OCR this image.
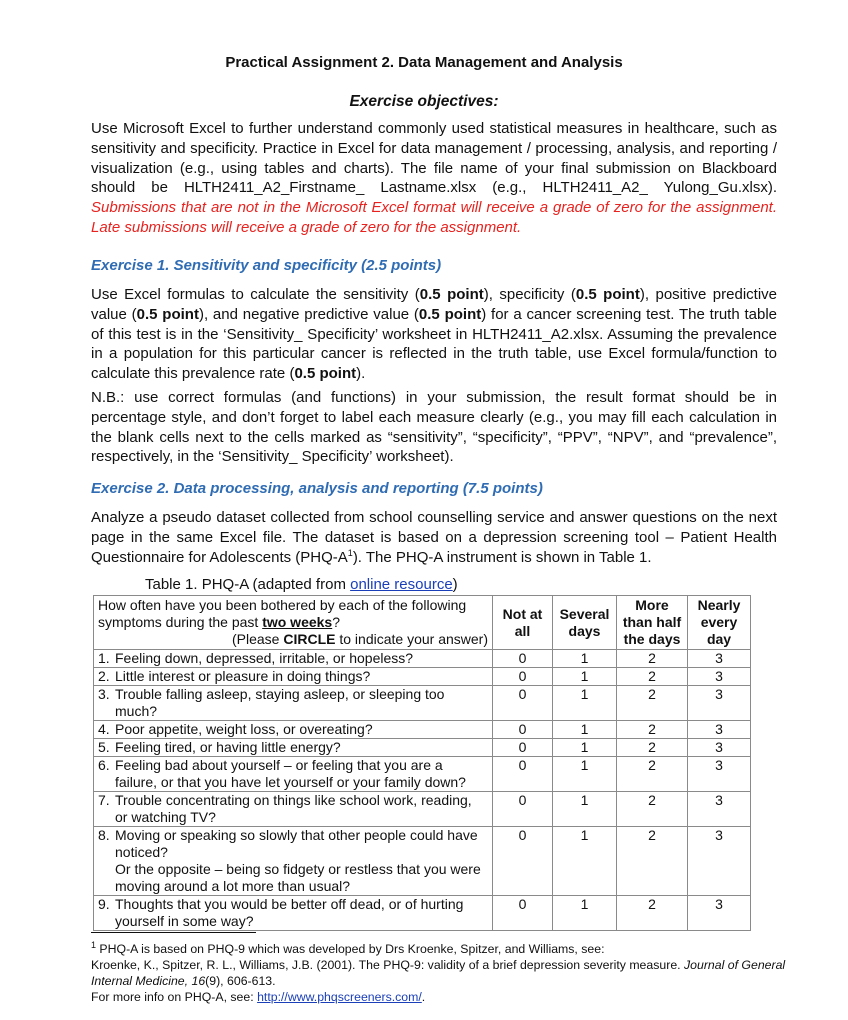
Practical Assignment 2. Data Management and Analysis
Exercise objectives:
Use Microsoft Excel to further understand commonly used statistical measures in healthcare, such as sensitivity and specificity. Practice in Excel for data management / processing, analysis, and reporting / visualization (e.g., using tables and charts). The file name of your final submission on Blackboard should be HLTH2411_A2_Firstname_ Lastname.xlsx (e.g., HLTH2411_A2_ Yulong_Gu.xlsx). Submissions that are not in the Microsoft Excel format will receive a grade of zero for the assignment. Late submissions will receive a grade of zero for the assignment.
Exercise 1. Sensitivity and specificity (2.5 points)
Use Excel formulas to calculate the sensitivity (0.5 point), specificity (0.5 point), positive predictive value (0.5 point), and negative predictive value (0.5 point) for a cancer screening test. The truth table of this test is in the ‘Sensitivity_ Specificity’ worksheet in HLTH2411_A2.xlsx. Assuming the prevalence in a population for this particular cancer is reflected in the truth table, use Excel formula/function to calculate this prevalence rate (0.5 point).
N.B.: use correct formulas (and functions) in your submission, the result format should be in percentage style, and don’t forget to label each measure clearly (e.g., you may fill each calculation in the blank cells next to the cells marked as “sensitivity”, “specificity”, “PPV”, “NPV”, and “prevalence”, respectively, in the ‘Sensitivity_ Specificity’ worksheet).
Exercise 2. Data processing, analysis and reporting (7.5 points)
Analyze a pseudo dataset collected from school counselling service and answer questions on the next page in the same Excel file. The dataset is based on a depression screening tool – Patient Health Questionnaire for Adolescents $(PHQ-A^1)$. The PHQ-A instrument is shown in Table 1.
Table 1. PHQ-A (adapted from online resource)
How often have you been bothered by each of the following
symptoms during the past two weeks?
(Please CIRCLE to indicate your answer)	Not at all	Several days	More than half the days	Nearly every day

1. Feeling down, depressed, irritable, or hopeless?	0	1	2	3

2. Little interest or pleasure in doing things?	0	1	2	3

3. Trouble falling asleep, staying asleep, or sleeping too much?	0	1	2	3

4. Poor appetite, weight loss, or overeating?	0	1	2	3

5. Feeling tired, or having little energy?	0	1	2	3

6. Feeling bad about yourself – or feeling that you are a failure, or that you have let yourself or your family down?	0	1	2	3

7. Trouble concentrating on things like school work, reading, or watching TV?	0	1	2	3

8. Moving or speaking so slowly that other people could have noticed?
Or the opposite – being so fidgety or restless that you were moving around a lot more than usual?	0	1	2	3

9. Thoughts that you would be better off dead, or of hurting yourself in some way?	0	1	2	3
$^1$ PHQ-A is based on PHQ-9 which was developed by Drs Kroenke, Spitzer, and Williams, see:
Kroenke, K., Spitzer, R. L., Williams, J.B. (2001). The PHQ-9: validity of a brief depression severity measure. Journal of General Internal Medicine, 16(9), 606-613.
For more info on PHQ-A, see: http://www.phqscreeners.com/.
